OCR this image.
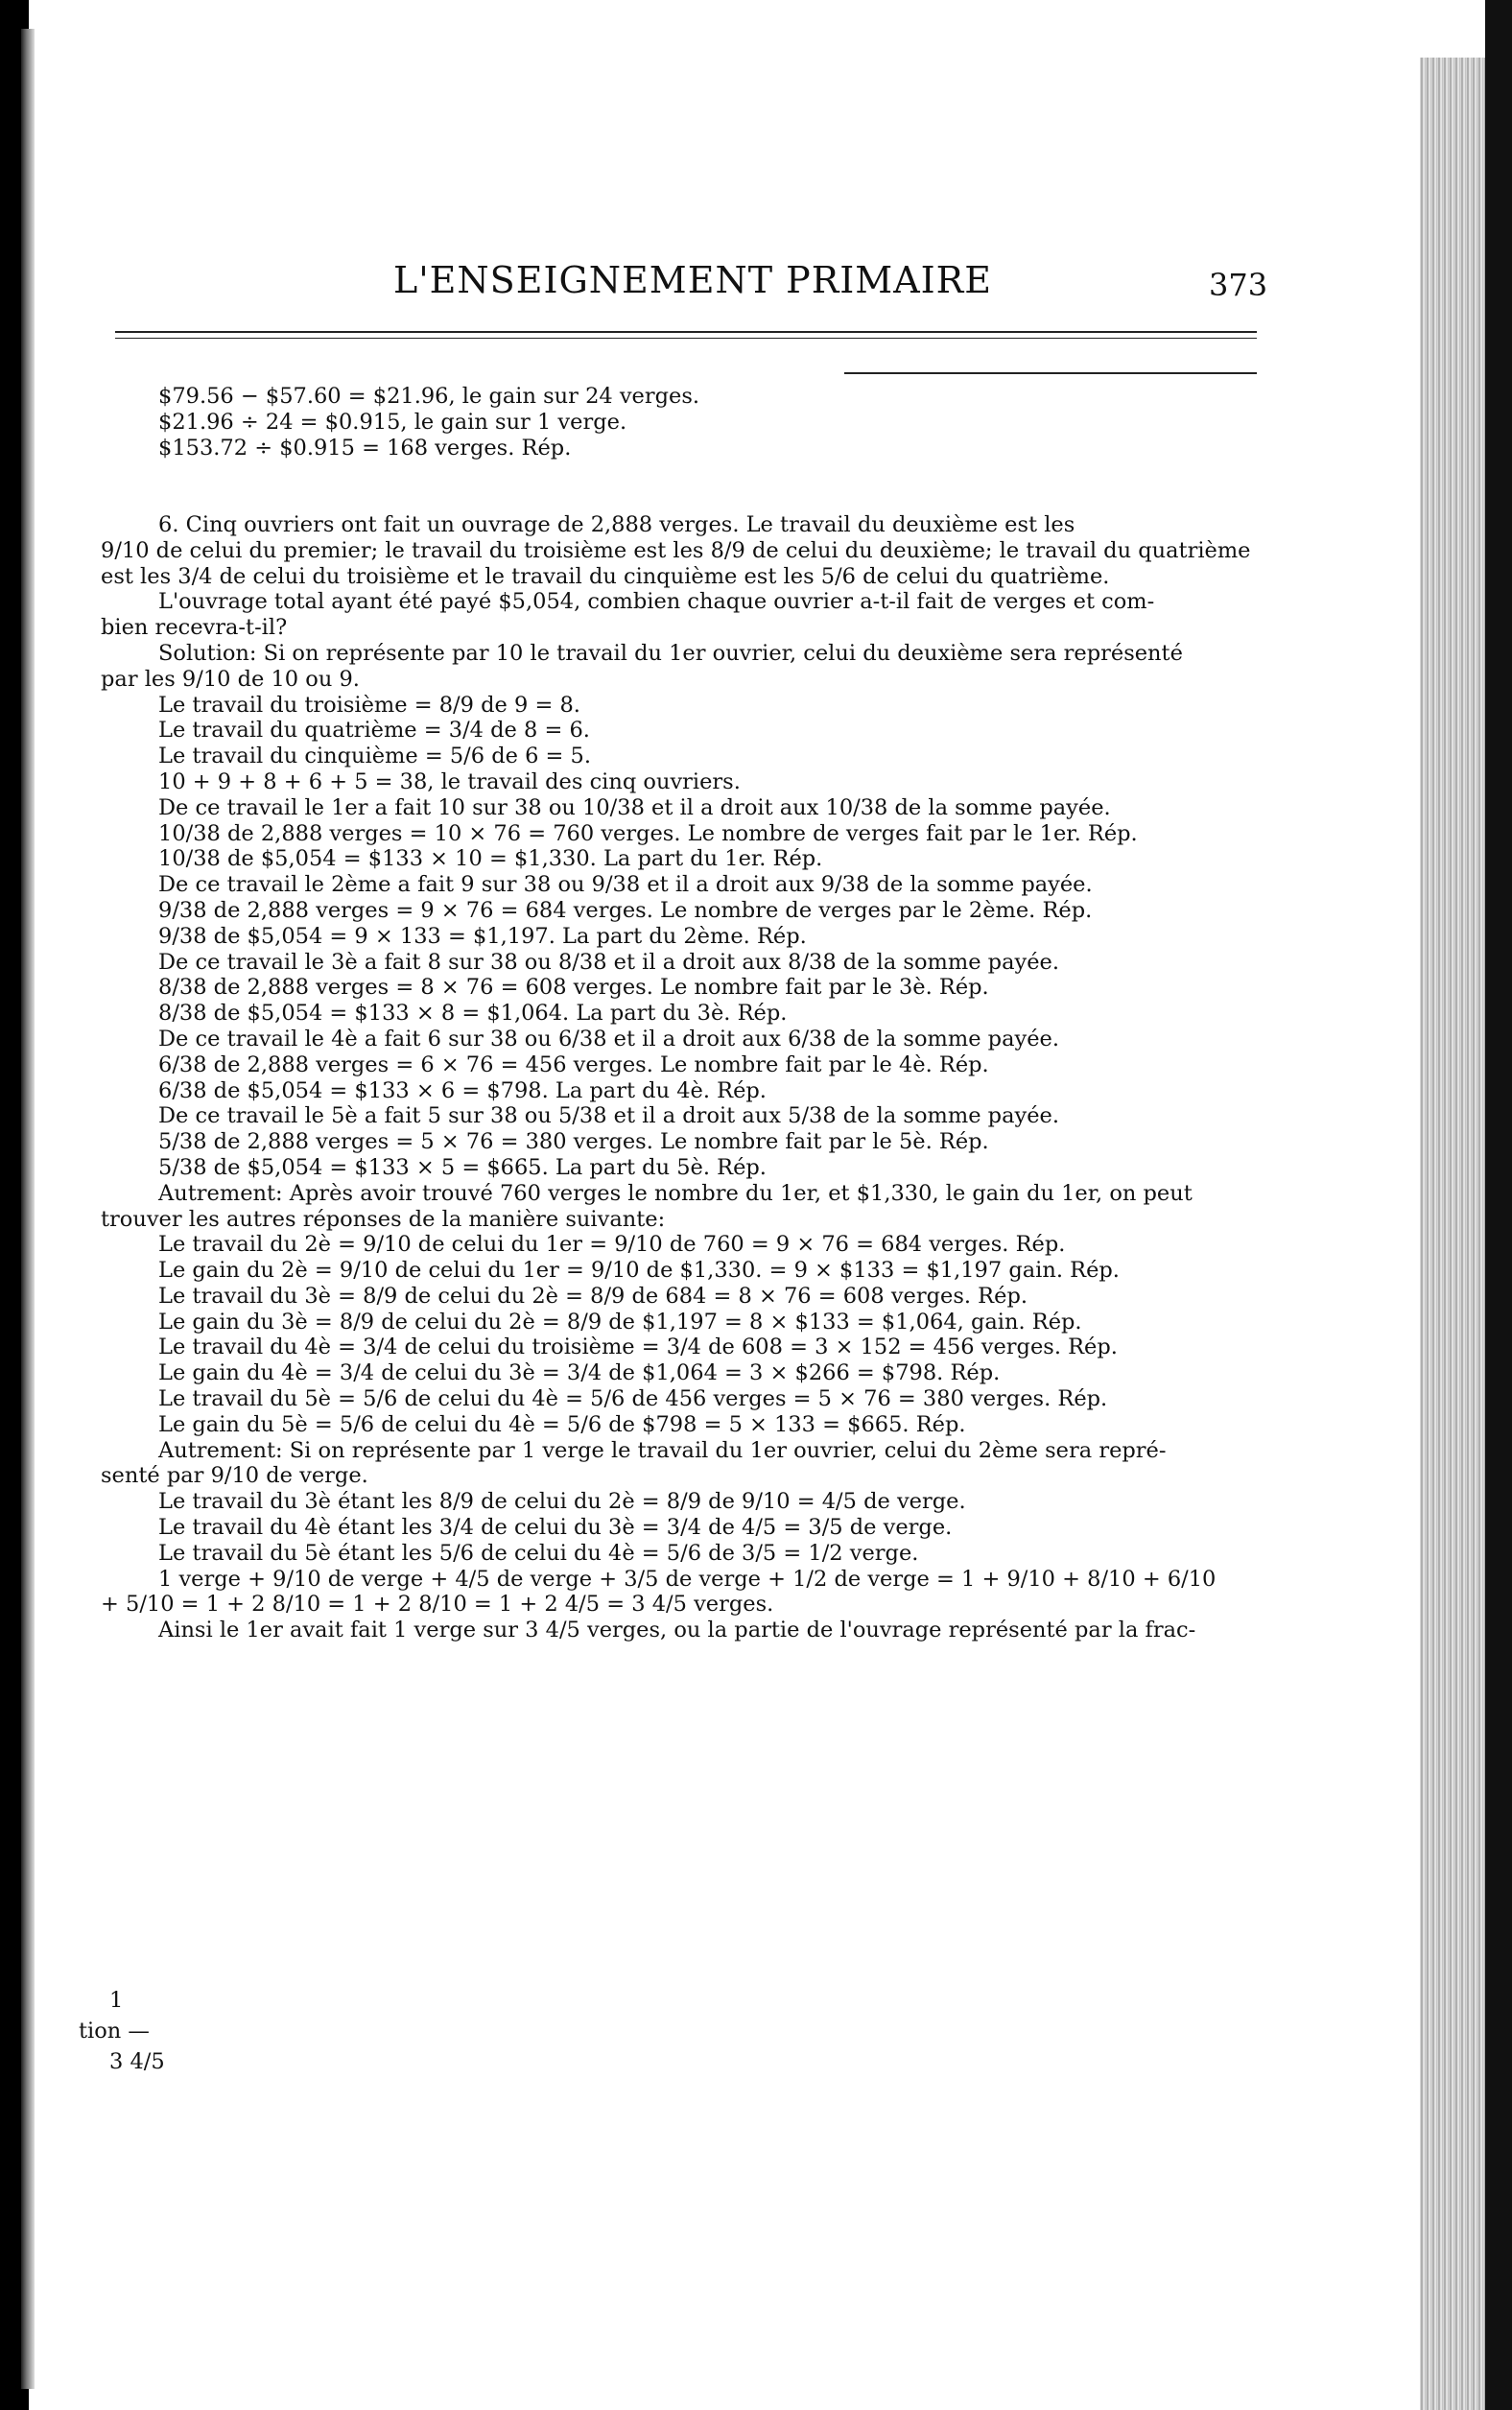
L'ENSEIGNEMENT PRIMAIRE	373
$79.56 − $57.60 = $21.96, le gain sur 24 verges.
$21.96 ÷ 24 = $0.915, le gain sur 1 verge.
$153.72 ÷ $0.915 = 168 verges. Rép.
6. Cinq ouvriers ont fait un ouvrage de 2,888 verges. Le travail du deuxième est les
9/10 de celui du premier; le travail du troisième est les 8/9 de celui du deuxième; le travail du quatrième
est les 3/4 de celui du troisième et le travail du cinquième est les 5/6 de celui du quatrième.
L'ouvrage total ayant été payé $5,054, combien chaque ouvrier a-t-il fait de verges et com-
bien recevra-t-il?
Solution: Si on représente par 10 le travail du 1er ouvrier, celui du deuxième sera représenté
par les 9/10 de 10 ou 9.
Le travail du troisième = 8/9 de 9 = 8.
Le travail du quatrième = 3/4 de 8 = 6.
Le travail du cinquième = 5/6 de 6 = 5.
10 + 9 + 8 + 6 + 5 = 38, le travail des cinq ouvriers.
De ce travail le 1er a fait 10 sur 38 ou 10/38 et il a droit aux 10/38 de la somme payée.
10/38 de 2,888 verges = 10 × 76 = 760 verges. Le nombre de verges fait par le 1er. Rép.
10/38 de $5,054 = $133 × 10 = $1,330. La part du 1er. Rép.
De ce travail le 2ème a fait 9 sur 38 ou 9/38 et il a droit aux 9/38 de la somme payée.
9/38 de 2,888 verges = 9 × 76 = 684 verges. Le nombre de verges par le 2ème. Rép.
9/38 de $5,054 = 9 × 133 = $1,197. La part du 2ème. Rép.
De ce travail le 3è a fait 8 sur 38 ou 8/38 et il a droit aux 8/38 de la somme payée.
8/38 de 2,888 verges = 8 × 76 = 608 verges. Le nombre fait par le 3è. Rép.
8/38 de $5,054 = $133 × 8 = $1,064. La part du 3è. Rép.
De ce travail le 4è a fait 6 sur 38 ou 6/38 et il a droit aux 6/38 de la somme payée.
6/38 de 2,888 verges = 6 × 76 = 456 verges. Le nombre fait par le 4è. Rép.
6/38 de $5,054 = $133 × 6 = $798. La part du 4è. Rép.
De ce travail le 5è a fait 5 sur 38 ou 5/38 et il a droit aux 5/38 de la somme payée.
5/38 de 2,888 verges = 5 × 76 = 380 verges. Le nombre fait par le 5è. Rép.
5/38 de $5,054 = $133 × 5 = $665. La part du 5è. Rép.
Autrement: Après avoir trouvé 760 verges le nombre du 1er, et $1,330, le gain du 1er, on peut
trouver les autres réponses de la manière suivante:
Le travail du 2è = 9/10 de celui du 1er = 9/10 de 760 = 9 × 76 = 684 verges. Rép.
Le gain du 2è = 9/10 de celui du 1er = 9/10 de $1,330. = 9 × $133 = $1,197 gain. Rép.
Le travail du 3è = 8/9 de celui du 2è = 8/9 de 684 = 8 × 76 = 608 verges. Rép.
Le gain du 3è = 8/9 de celui du 2è = 8/9 de $1,197 = 8 × $133 = $1,064, gain. Rép.
Le travail du 4è = 3/4 de celui du troisième = 3/4 de 608 = 3 × 152 = 456 verges. Rép.
Le gain du 4è = 3/4 de celui du 3è = 3/4 de $1,064 = 3 × $266 = $798. Rép.
Le travail du 5è = 5/6 de celui du 4è = 5/6 de 456 verges = 5 × 76 = 380 verges. Rép.
Le gain du 5è = 5/6 de celui du 4è = 5/6 de $798 = 5 × 133 = $665. Rép.
Autrement: Si on représente par 1 verge le travail du 1er ouvrier, celui du 2ème sera repré-
senté par 9/10 de verge.
Le travail du 3è étant les 8/9 de celui du 2è = 8/9 de 9/10 = 4/5 de verge.
Le travail du 4è étant les 3/4 de celui du 3è = 3/4 de 4/5 = 3/5 de verge.
Le travail du 5è étant les 5/6 de celui du 4è = 5/6 de 3/5 = 1/2 verge.
1 verge + 9/10 de verge + 4/5 de verge + 3/5 de verge + 1/2 de verge = 1 + 9/10 + 8/10 + 6/10
+ 5/10 = 1 + 2 8/10 = 1 + 2 8/10 = 1 + 2 4/5 = 3 4/5 verges.
Ainsi le 1er avait fait 1 verge sur 3 4/5 verges, ou la partie de l'ouvrage représenté par la frac-
1
tion —
3 4/5
